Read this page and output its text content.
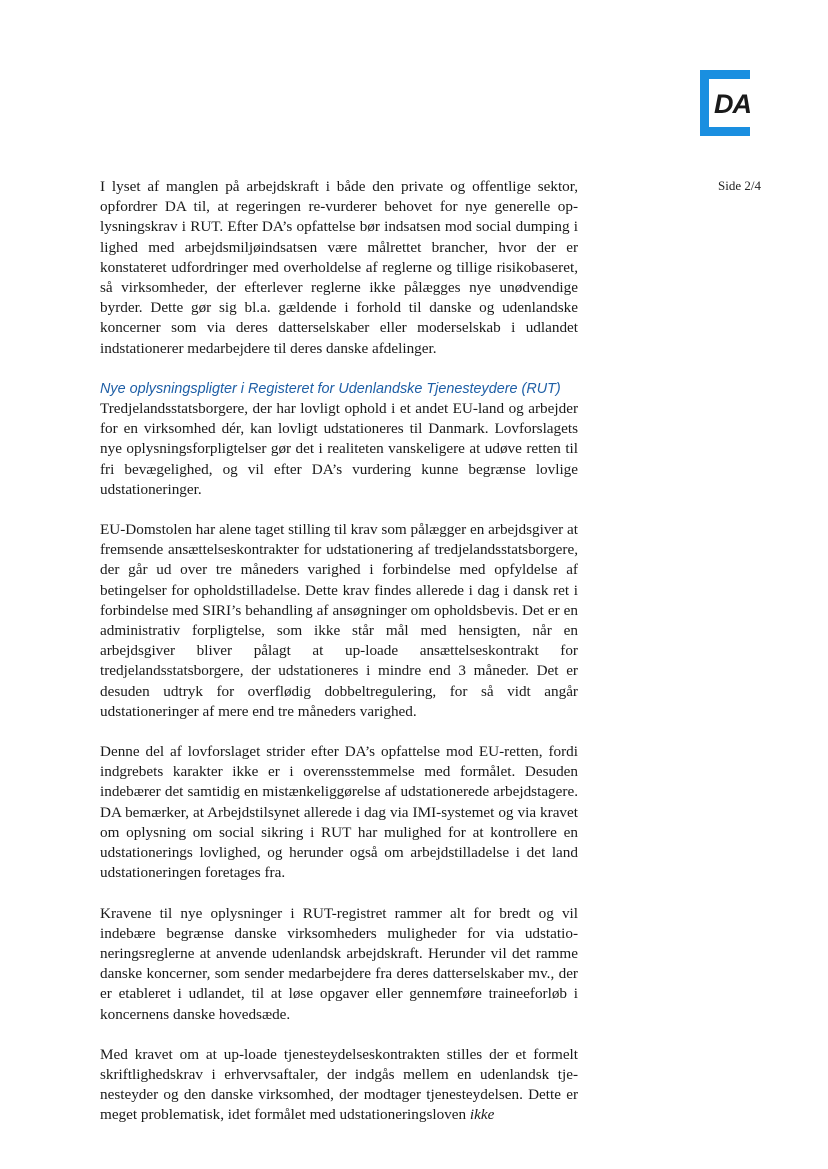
DA
Side 2/4

I lyset af manglen på arbejdskraft i både den private og offentlige sektor, opfordrer DA til, at regeringen re-vurderer behovet for nye generelle oplysningskrav i RUT. Efter DA’s opfattelse bør indsatsen mod social dumping i lighed med arbejdsmiljøindsatsen være målrettet brancher, hvor der er konstateret udfordringer med overholdelse af reglerne og tillige risikobaseret, så virksomheder, der efterlever reglerne ikke pålægges nye unødvendige byrder. Dette gør sig bl.a. gældende i forhold til danske og udenlandske koncerner som via deres datterselskaber eller moderselskab i udlandet indstationerer medarbejdere til deres danske afdelinger.

Nye oplysningspligter i Registeret for Udenlandske Tjenesteydere (RUT)
Tredjelandsstatsborgere, der har lovligt ophold i et andet EU-land og arbejder for en virksomhed dér, kan lovligt udstationeres til Danmark. Lovforslagets nye oplysningsforpligtelser gør det i realiteten vanskeligere at udøve retten til fri bevægelighed, og vil efter DA’s vurdering kunne begrænse lovlige udstationeringer.

EU-Domstolen har alene taget stilling til krav som pålægger en arbejdsgiver at fremsende ansættelseskontrakter for udstationering af tredjelandsstatsborgere, der går ud over tre måneders varighed i forbindelse med opfyldelse af betingelser for opholdstilladelse. Dette krav findes allerede i dag i dansk ret i forbindelse med SIRI’s behandling af ansøgninger om opholdsbevis. Det er en administrativ forpligtelse, som ikke står mål med hensigten, når en arbejdsgiver bliver pålagt at up-loade ansættelseskontrakt for tredjelandsstatsborgere, der udstationeres i mindre end 3 måneder. Det er desuden udtryk for overflødig dobbeltregulering, for så vidt angår udstationeringer af mere end tre måneders varighed.

Denne del af lovforslaget strider efter DA’s opfattelse mod EU-retten, fordi indgrebets karakter ikke er i overensstemmelse med formålet. Desuden indebærer det samtidig en mistænkeliggørelse af udstationerede arbejdstagere. DA bemærker, at Arbejdstilsynet allerede i dag via IMI-systemet og via kravet om oplysning om social sikring i RUT har mulighed for at kontrollere en udstationerings lovlighed, og herunder også om arbejdstilladelse i det land udstationeringen foretages fra.

Kravene til nye oplysninger i RUT-registret rammer alt for bredt og vil indebære begrænse danske virksomheders muligheder for via udstationeringsreglerne at anvende udenlandsk arbejdskraft. Herunder vil det ramme danske koncerner, som sender medarbejdere fra deres datterselskaber mv., der er etableret i udlandet, til at løse opgaver eller gennemføre traineeforløb i koncernens danske hovedsæde.

Med kravet om at up-loade tjenesteydelseskontrakten stilles der et formelt skriftlighedskrav i erhvervsaftaler, der indgås mellem en udenlandsk tjenesteyder og den danske virksomhed, der modtager tjenesteydelsen. Dette er meget problematisk, idet formålet med udstationeringsloven ikke
